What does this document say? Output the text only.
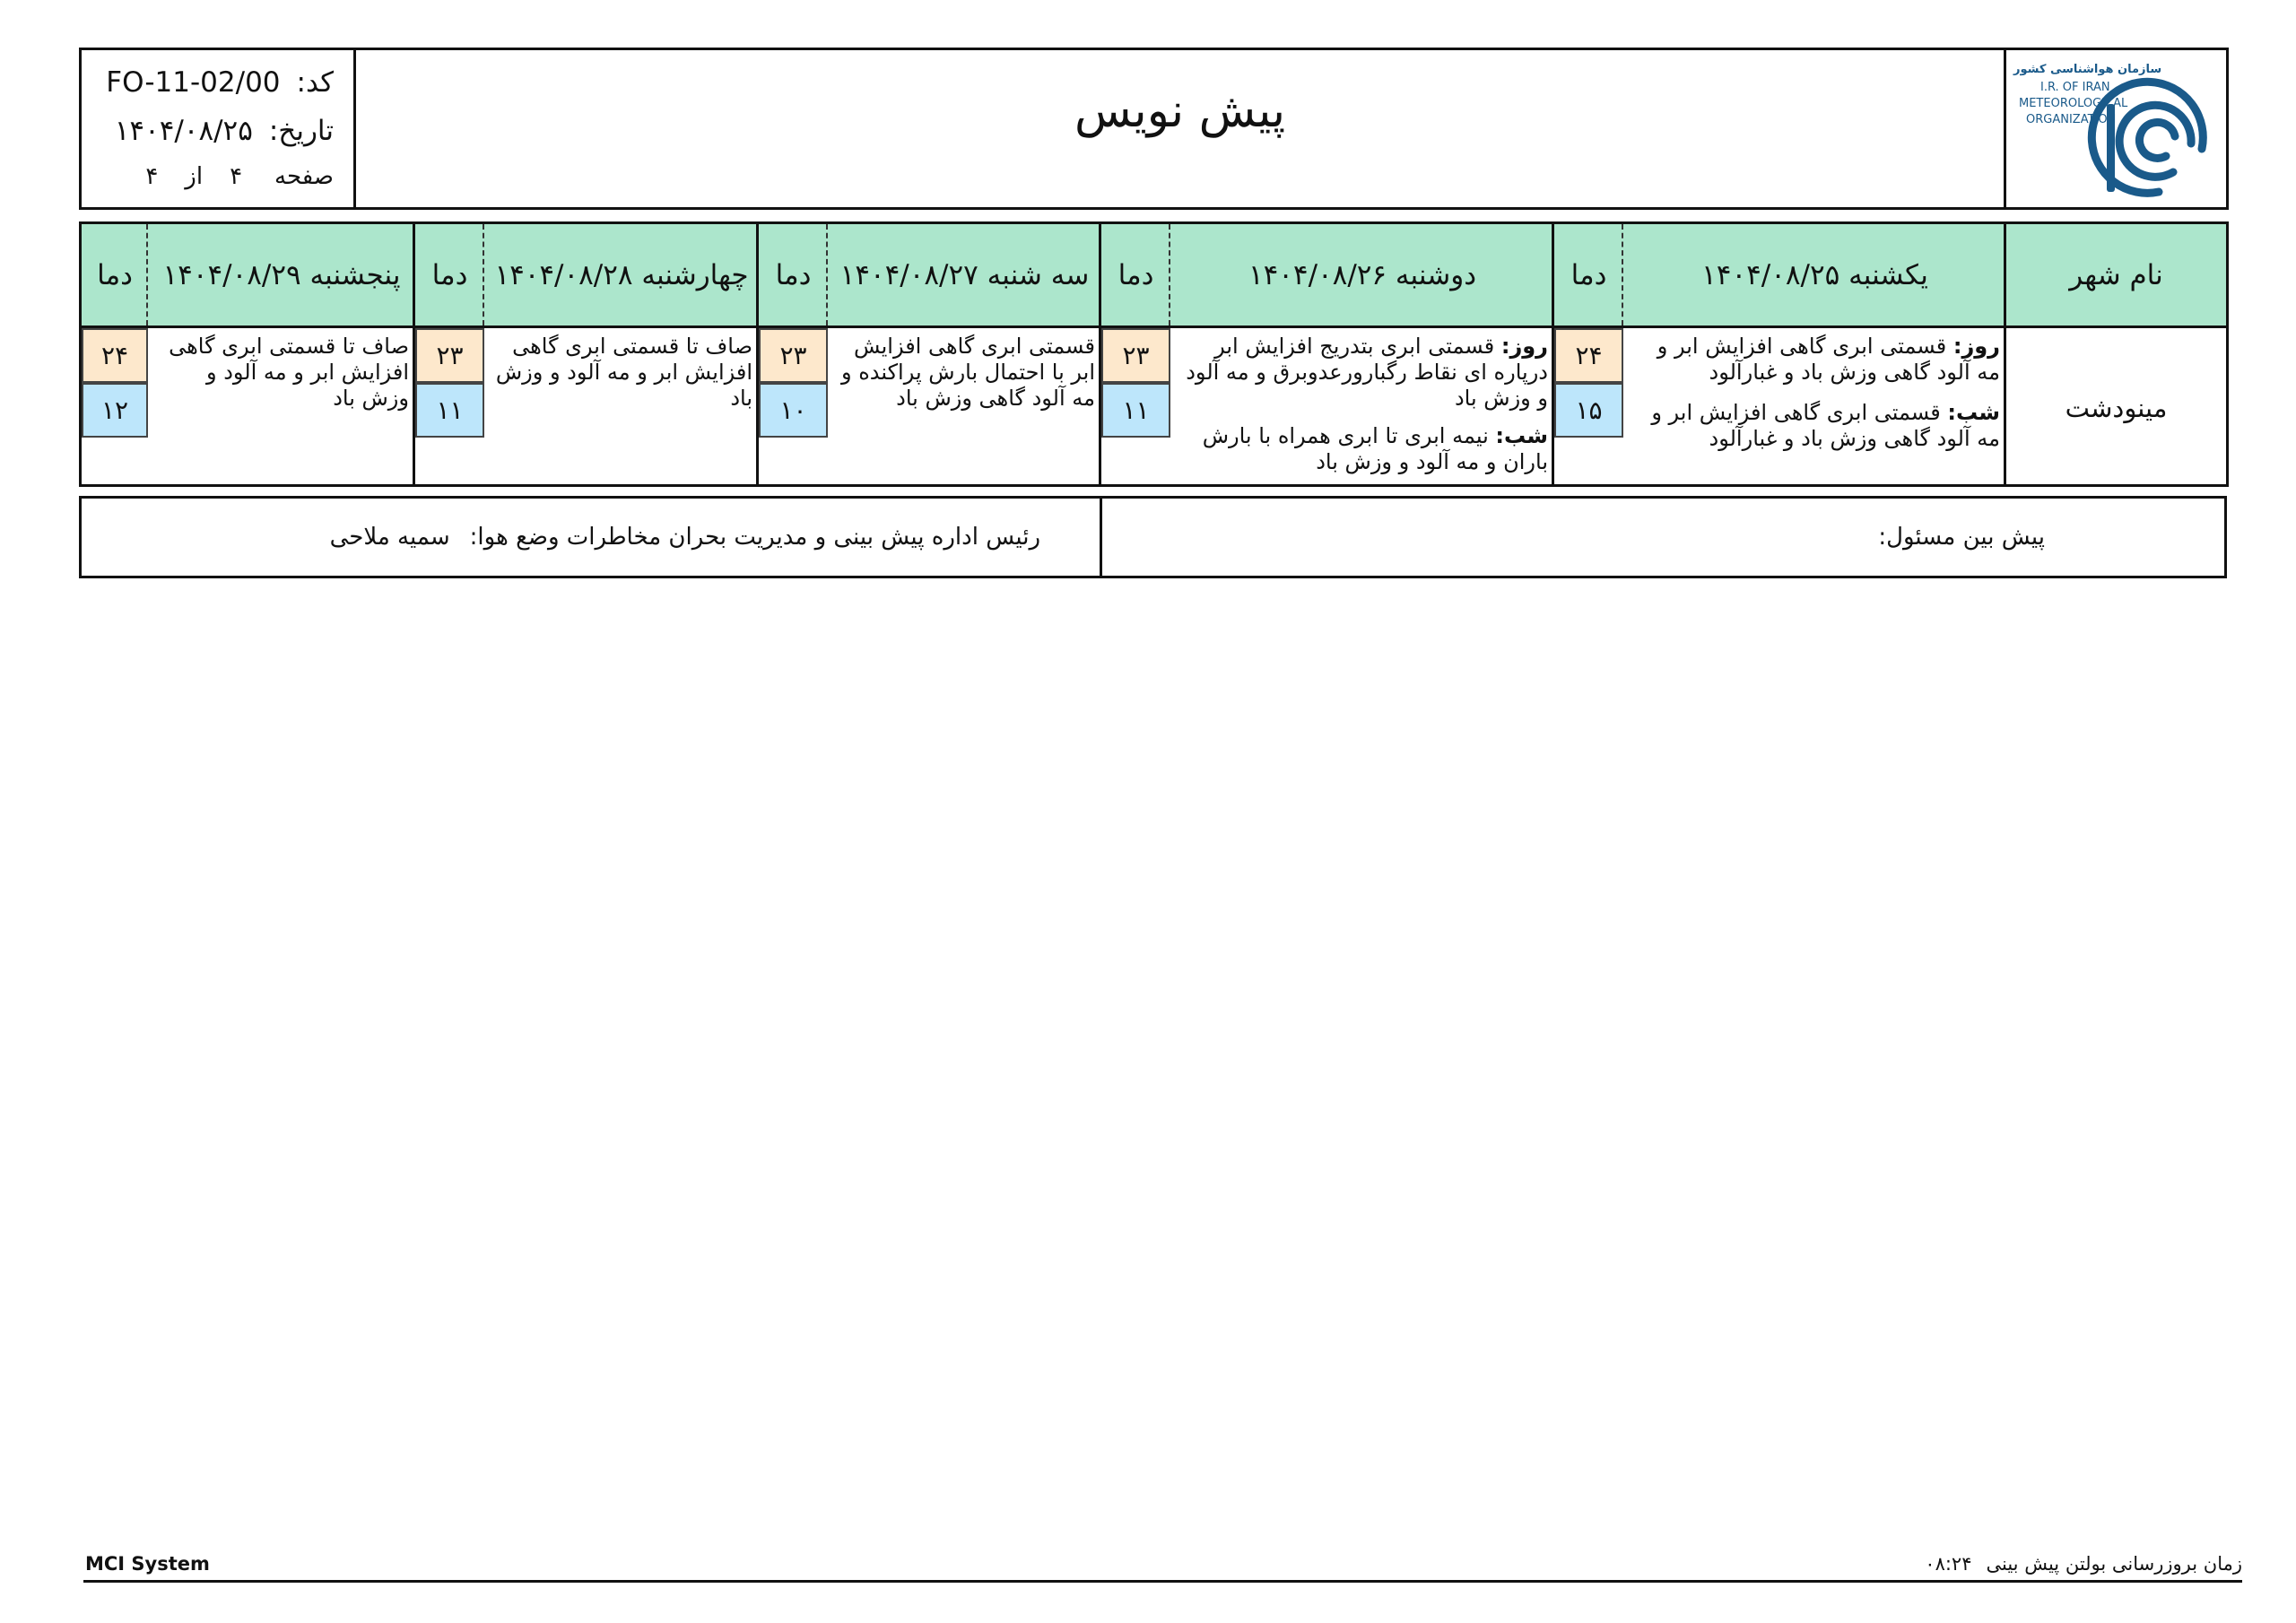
سازمان هواشناسی کشور
I.R. OF IRAN
METEOROLOGICAL
ORGANIZATION
پیش نویس
کد:FO-11-02/00
تاریخ:۱۴۰۴/۰۸/۲۵
صفحه۴از۴
نام شهر
یکشنبه ۱۴۰۴/۰۸/۲۵
دما
دوشنبه ۱۴۰۴/۰۸/۲۶
دما
سه شنبه ۱۴۰۴/۰۸/۲۷
دما
چهارشنبه ۱۴۰۴/۰۸/۲۸
دما
پنجشنبه ۱۴۰۴/۰۸/۲۹
دما
مینودشت
روز: قسمتی ابری گاهی افزایش ابر و مه آلود گاهی وزش باد و غبارآلود
شب: قسمتی ابری گاهی افزایش ابر و مه آلود گاهی وزش باد و غبارآلود
۲۴
۱۵
روز: قسمتی ابری بتدریج افزایش ابر درپاره ای نقاط رگبارورعدوبرق و مه آلود و وزش باد
شب: نیمه ابری تا ابری همراه با بارش باران و مه آلود و وزش باد
۲۳
۱۱
قسمتی ابری گاهی افزایش ابر با احتمال بارش پراکنده و مه آلود گاهی وزش باد
۲۳
۱۰
صاف تا قسمتی ابری گاهی افزایش ابر و مه آلود و وزش باد
۲۳
۱۱
صاف تا قسمتی ابری گاهی افزایش ابر و مه آلود و وزش باد
۲۴
۱۲
پیش بین مسئول:
رئیس اداره پیش بینی و مدیریت بحران مخاطرات وضع هوا:سمیه ملاحی
MCI System	زمان بروزرسانی بولتن پیش بینی۰۸:۲۴
